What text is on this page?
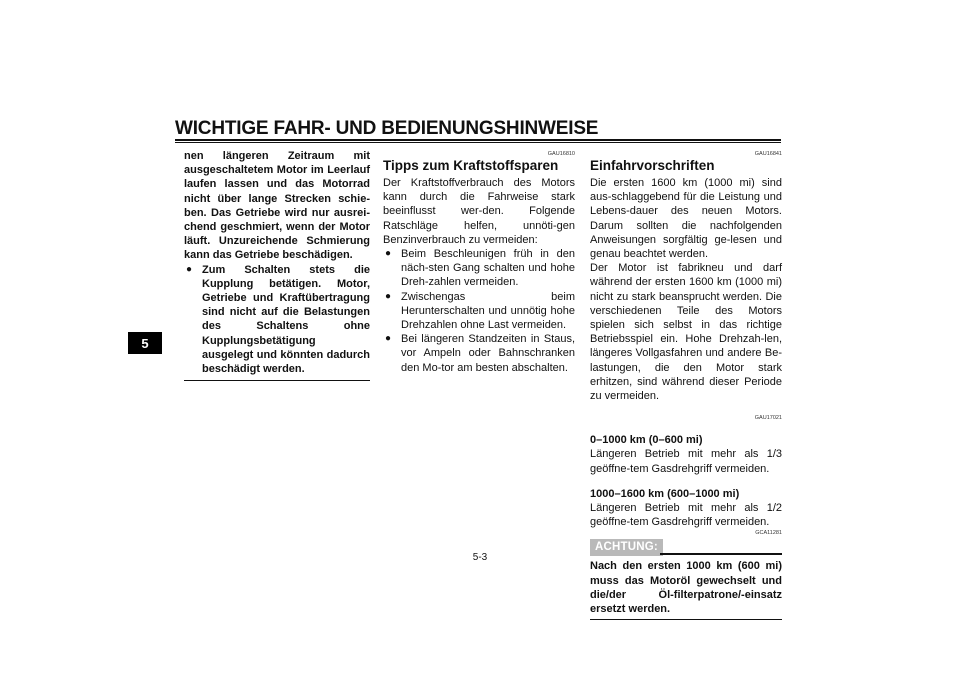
WICHTIGE FAHR- UND BEDIENUNGSHINWEISE
5

nen längeren Zeitraum mit ausgeschaltetem Motor im Leerlauf laufen lassen und das Motorrad nicht über lange Strecken schie-ben. Das Getriebe wird nur ausrei-chend geschmiert, wenn der Motor läuft. Unzureichende Schmierung kann das Getriebe beschädigen.

● Zum Schalten stets die Kupplung betätigen. Motor, Getriebe und Kraftübertragung sind nicht auf die Belastungen des Schaltens ohne Kupplungsbetätigung ausgelegt und könnten dadurch beschädigt werden.
GAU16810
Tipps zum Kraftstoffsparen

Der Kraftstoffverbrauch des Motors kann durch die Fahrweise stark beeinflusst wer-den. Folgende Ratschläge helfen, unnöti-gen Benzinverbrauch zu vermeiden:

● Beim Beschleunigen früh in den näch-sten Gang schalten und hohe Dreh-zahlen vermeiden.
● Zwischengas beim Herunterschalten und unnötig hohe Drehzahlen ohne Last vermeiden.
● Bei längeren Standzeiten in Staus, vor Ampeln oder Bahnschranken den Mo-tor am besten abschalten.
GAU16841
Einfahrvorschriften

Die ersten 1600 km (1000 mi) sind aus-schlaggebend für die Leistung und Lebens-dauer des neuen Motors. Darum sollten die nachfolgenden Anweisungen sorgfältig ge-lesen und genau beachtet werden.

Der Motor ist fabrikneu und darf während der ersten 1600 km (1000 mi) nicht zu stark beansprucht werden. Die verschiedenen Teile des Motors spielen sich selbst in das richtige Betriebsspiel ein. Hohe Drehzah-len, längeres Vollgasfahren und andere Be-lastungen, die den Motor stark erhitzen, sind während dieser Periode zu vermeiden.

GAU17021
0–1000 km (0–600 mi)

Längeren Betrieb mit mehr als 1/3 geöffne-tem Gasdrehgriff vermeiden.

1000–1600 km (600–1000 mi)

Längeren Betrieb mit mehr als 1/2 geöffne-tem Gasdrehgriff vermeiden.

GCA11281
ACHTUNG:

Nach den ersten 1000 km (600 mi) muss das Motoröl gewechselt und die/der Öl-filterpatrone/-einsatz ersetzt werden.

5-3
